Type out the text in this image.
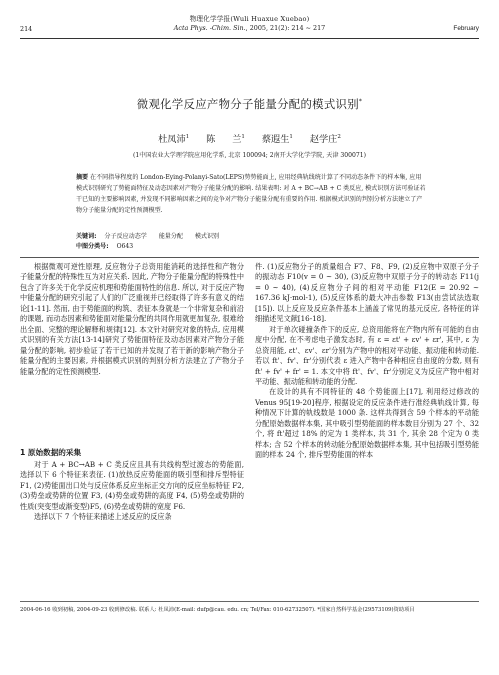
物理化学学报(Wuli Huaxue Xuebao)
214	Acta Phys. -Chim. Sin., 2005, 21(2): 214 ~ 217	February
微观化学反应产物分子能量分配的模式识别*
杜凤沛$^1$ 陈 兰$^1$ 蔡遐生$^1$ 赵学庄$^2$
(1中国农业大学理学院应用化学系, 北京 100094; 2南开大学化学学院, 天津 300071)
摘要 在不同指导程度的 London-Eying-Polanyi-Sato(LEPS)势势能面上, 应用经典轨线统计算了不同动态条件下的样本集, 应用模式识别研究了势能面特征及动态因素对产物分子能量分配的影响. 结果表明: 对 A + BC→AB + C 类反应, 模式识别方法可验证若干已知的主要影响因素, 并发现不同影响因素之间的竞争对产物分子能量分配有重要的作用. 根据模式识别的判别分析方法建立了产物分子能量分配的定性预测模型.
关键词: 分子反应动态学 能量分配 模式识别
中图分类号: O643

根据微观可逆性原理, 反应物分子总资用能消耗的选择性和产物分子能量分配的特殊性互为对应关系. 因此, 产物分子能量分配的特殊性中包含了许多关于化学反应机理和势能面特性的信息. 所以, 对于反应产物中能量分配的研究引起了人们的广泛重视并已经取得了许多有意义的结论[1-11]. 然而, 由于势能面的构筑、表征本身就是一个非常复杂和前沿的课题, 而动态因素和势能面对能量分配的共同作用就更加复杂, 很难给出全面、完整的理论解释和规律[12]. 本文针对研究对象的特点, 应用模式识别的有关方法[13-14]研究了势能面特征及动态因素对产物分子能量分配的影响, 初步验证了若干已知的并发现了若干新的影响产物分子能量分配的主要因素, 并根据模式识别的判别分析方法建立了产物分子能量分配的定性预测模型.

1 原始数据的采集

对于 A + BC→AB + C 类反应且具有共线构型过渡态的势能面, 选择以下 6 个特征来表征. (1)放热反应势能面的吸引型和排斥型特征 F1, (2)势能面出口处与反应体系反应坐标正交方向的反应坐标特征 F2, (3)势垒或势阱的位置 F3, (4)势垒或势阱的高度 F4, (5)势垒或势阱的性质(突变型或渐变型)F5, (6)势垒或势阱的宽度 F6.

选择以下 7 个特征来描述上述反应的反应条

件. (1)反应物分子的质量组合 F7、F8、F9, (2)反应物中双原子分子的振动态 F10(v = 0 ~ 30), (3)反应物中双原子分子的转动态 F11(j = 0 ~ 40), (4)反应物分子间的相对平动能 F12(E = 20.92 ~ 167.36 kJ·mol-1), (5)反应体系的最大冲击参数 F13(由尝试法选取[15]). 以上反应及反应条件基本上涵盖了常见的基元反应, 各特征的详细描述见文献[16-18].

对于单次碰撞条件下的反应, 总资用能将在产物内所有可能的自由度中分配, 在不考虑电子激发态时, 有 ε = εt' + εv' + εr', 其中, ε 为总资用能, εt'、εv'、εr'分别为产物中的相对平动能、振动能和转动能. 若以 ft'、fv'、fr'分别代表 ε 进入产物中各种相应自由度的分数, 则有 ft' + fv' + fr' = 1. 本文中将 ft'、fv'、fr'分别定义为反应产物中相对平动能、振动能和转动能的分配.

在设计的具有不同特征的 48 个势能面上[17], 利用经过修改的 Venus 95[19-20]程序, 根据设定的反应条件进行准经典轨线计算, 每种情况下计算的轨线数是 1000 条. 这样共得到含 59 个样本的平动能分配原始数据样本集, 其中吸引型势能面的样本数目分别为 27 个、32 个, 将 ft'超过 18% 的定为 1 类样本, 共 31 个, 其余 28 个定为 0 类样本; 含 52 个样本的转动能分配原始数据样本集, 其中包括吸引型势能面的样本 24 个, 排斥型势能面的样本

2004-06-16 收到初稿, 2004-09-23 收到修改稿. 联系人: 杜凤沛(E-mail: dufp@cau. edu. cn; Tel/Fax: 010-62732507). *国家自然科学基金(29573109)资助项目
